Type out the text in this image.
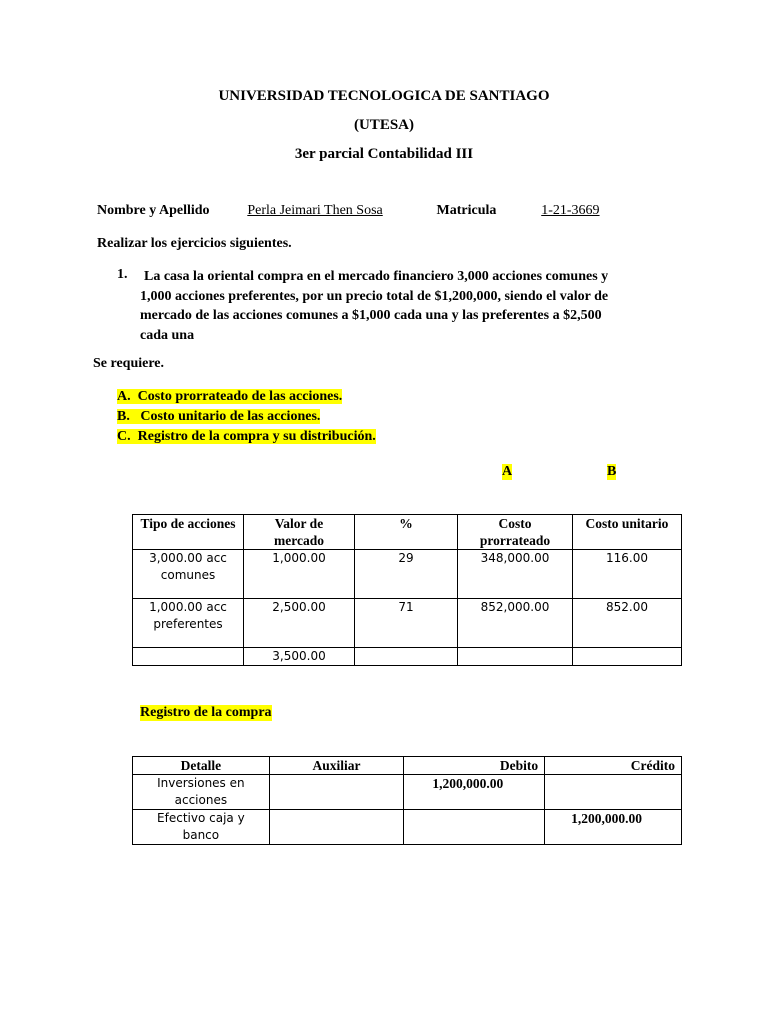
UNIVERSIDAD TECNOLOGICA DE SANTIAGO
(UTESA)
3er parcial Contabilidad III
Nombre y Apellido	Perla Jeimari Then Sosa	Matricula	1-21-3669
Realizar los ejercicios siguientes.
1. La casa la oriental compra en el mercado financiero 3,000 acciones comunes y
1,000 acciones preferentes, por un precio total de $1,200,000, siendo el valor de
mercado de las acciones comunes a $1,000 cada una y las preferentes a $2,500
cada una
Se requiere.
A. Costo prorrateado de las acciones.
B.   Costo unitario de las acciones.
C. Registro de la compra y su distribución.
A	B
Tipo de acciones	Valor de mercado	%	Costo prorrateado	Costo unitario
3,000.00 acc comunes	1,000.00	29	348,000.00	116.00
1,000.00 acc preferentes	2,500.00	71	852,000.00	852.00
	3,500.00			
Registro de la compra
Detalle	Auxiliar	Debito	Crédito
Inversiones en acciones		1,200,000.00	
Efectivo caja y banco			1,200,000.00
